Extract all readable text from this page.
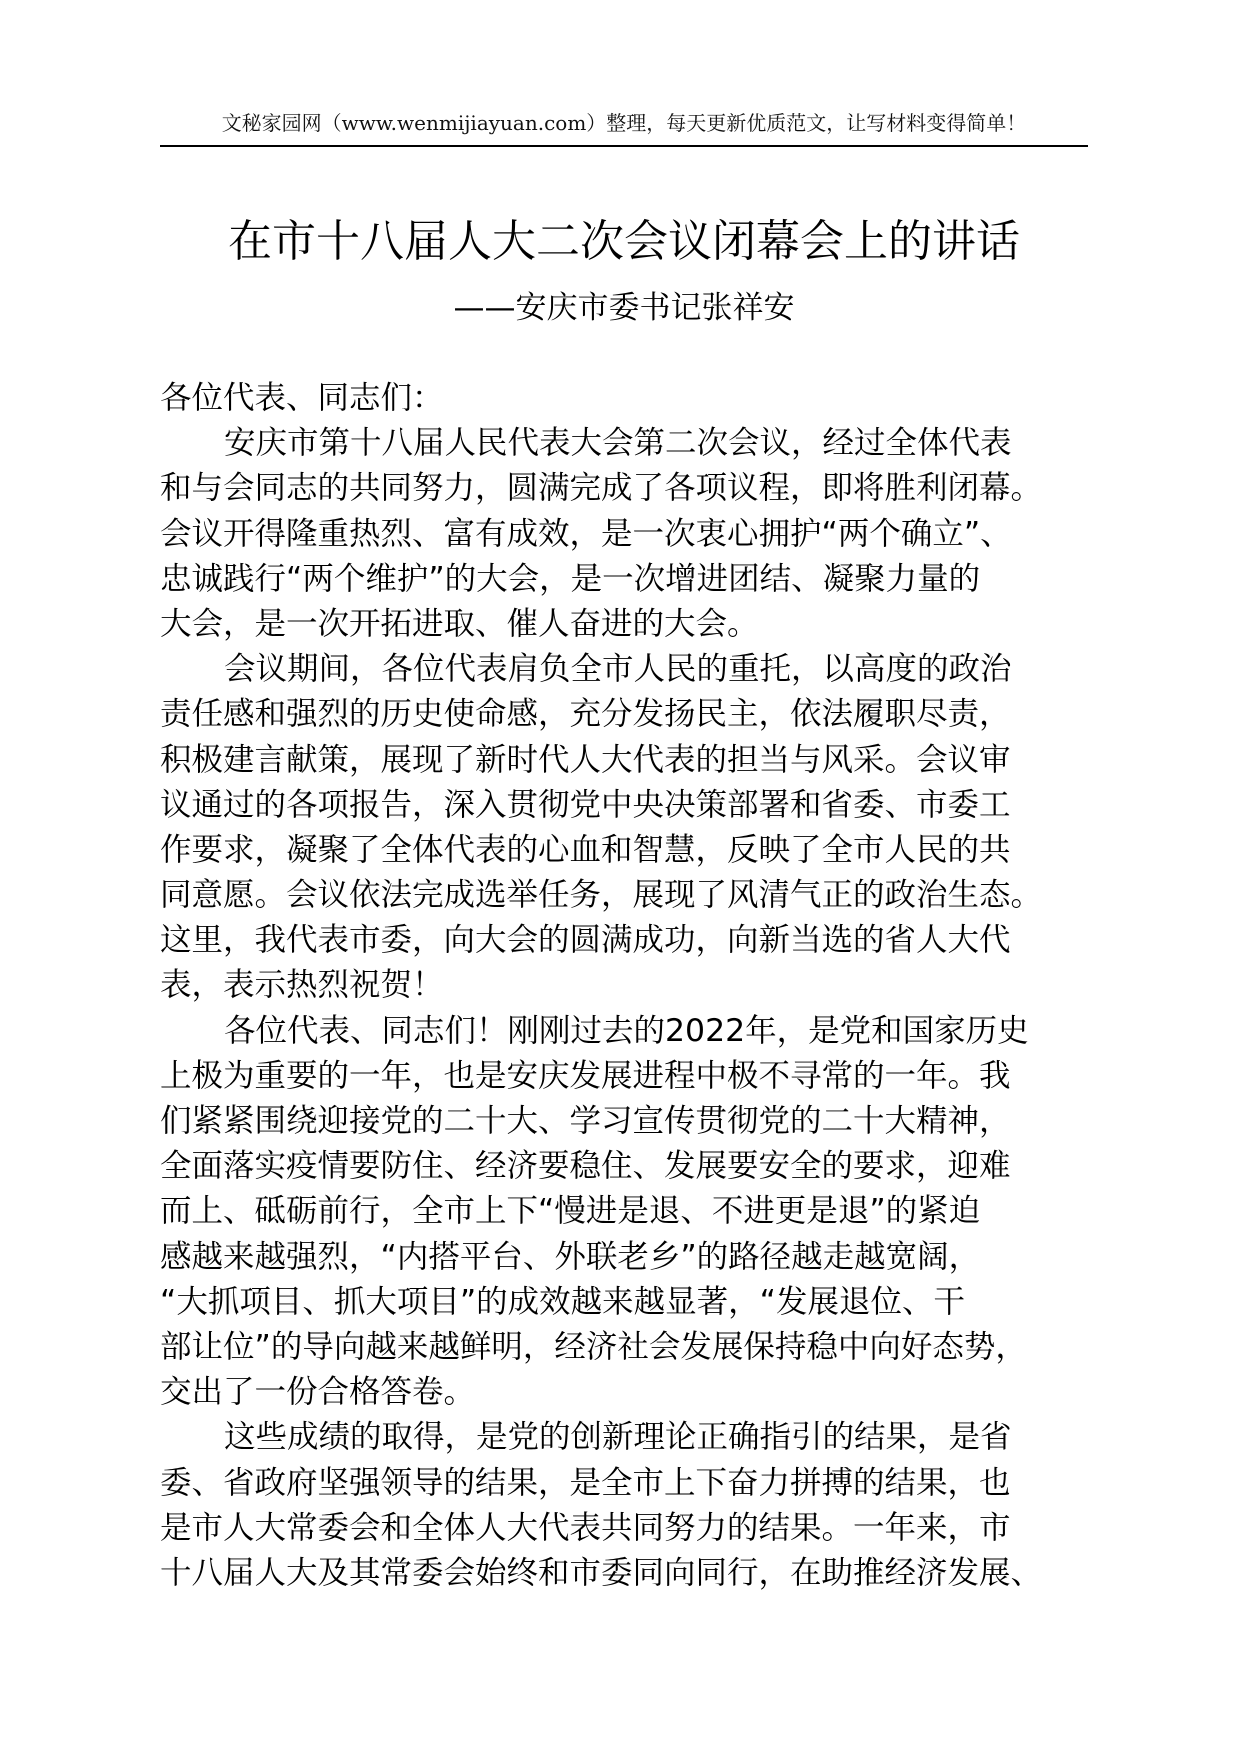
文秘家园网（www.wenmijiayuan.com）整理，每天更新优质范文，让写材料变得简单！
在市十八届人大二次会议闭幕会上的讲话
——安庆市委书记张祥安
各位代表、同志们：
安庆市第十八届人民代表大会第二次会议，经过全体代表
和与会同志的共同努力，圆满完成了各项议程，即将胜利闭幕。
会议开得隆重热烈、富有成效，是一次衷心拥护“两个确立”、
忠诚践行“两个维护”的大会，是一次增进团结、凝聚力量的
大会，是一次开拓进取、催人奋进的大会。
会议期间，各位代表肩负全市人民的重托，以高度的政治
责任感和强烈的历史使命感，充分发扬民主，依法履职尽责，
积极建言献策，展现了新时代人大代表的担当与风采。会议审
议通过的各项报告，深入贯彻党中央决策部署和省委、市委工
作要求，凝聚了全体代表的心血和智慧，反映了全市人民的共
同意愿。会议依法完成选举任务，展现了风清气正的政治生态。
这里，我代表市委，向大会的圆满成功，向新当选的省人大代
表，表示热烈祝贺！
各位代表、同志们！刚刚过去的2022年，是党和国家历史
上极为重要的一年，也是安庆发展进程中极不寻常的一年。我
们紧紧围绕迎接党的二十大、学习宣传贯彻党的二十大精神，
全面落实疫情要防住、经济要稳住、发展要安全的要求，迎难
而上、砥砺前行，全市上下“慢进是退、不进更是退”的紧迫
感越来越强烈，“内搭平台、外联老乡”的路径越走越宽阔，
“大抓项目、抓大项目”的成效越来越显著，“发展退位、干
部让位”的导向越来越鲜明，经济社会发展保持稳中向好态势，
交出了一份合格答卷。
这些成绩的取得，是党的创新理论正确指引的结果，是省
委、省政府坚强领导的结果，是全市上下奋力拼搏的结果，也
是市人大常委会和全体人大代表共同努力的结果。一年来，市
十八届人大及其常委会始终和市委同向同行，在助推经济发展、
